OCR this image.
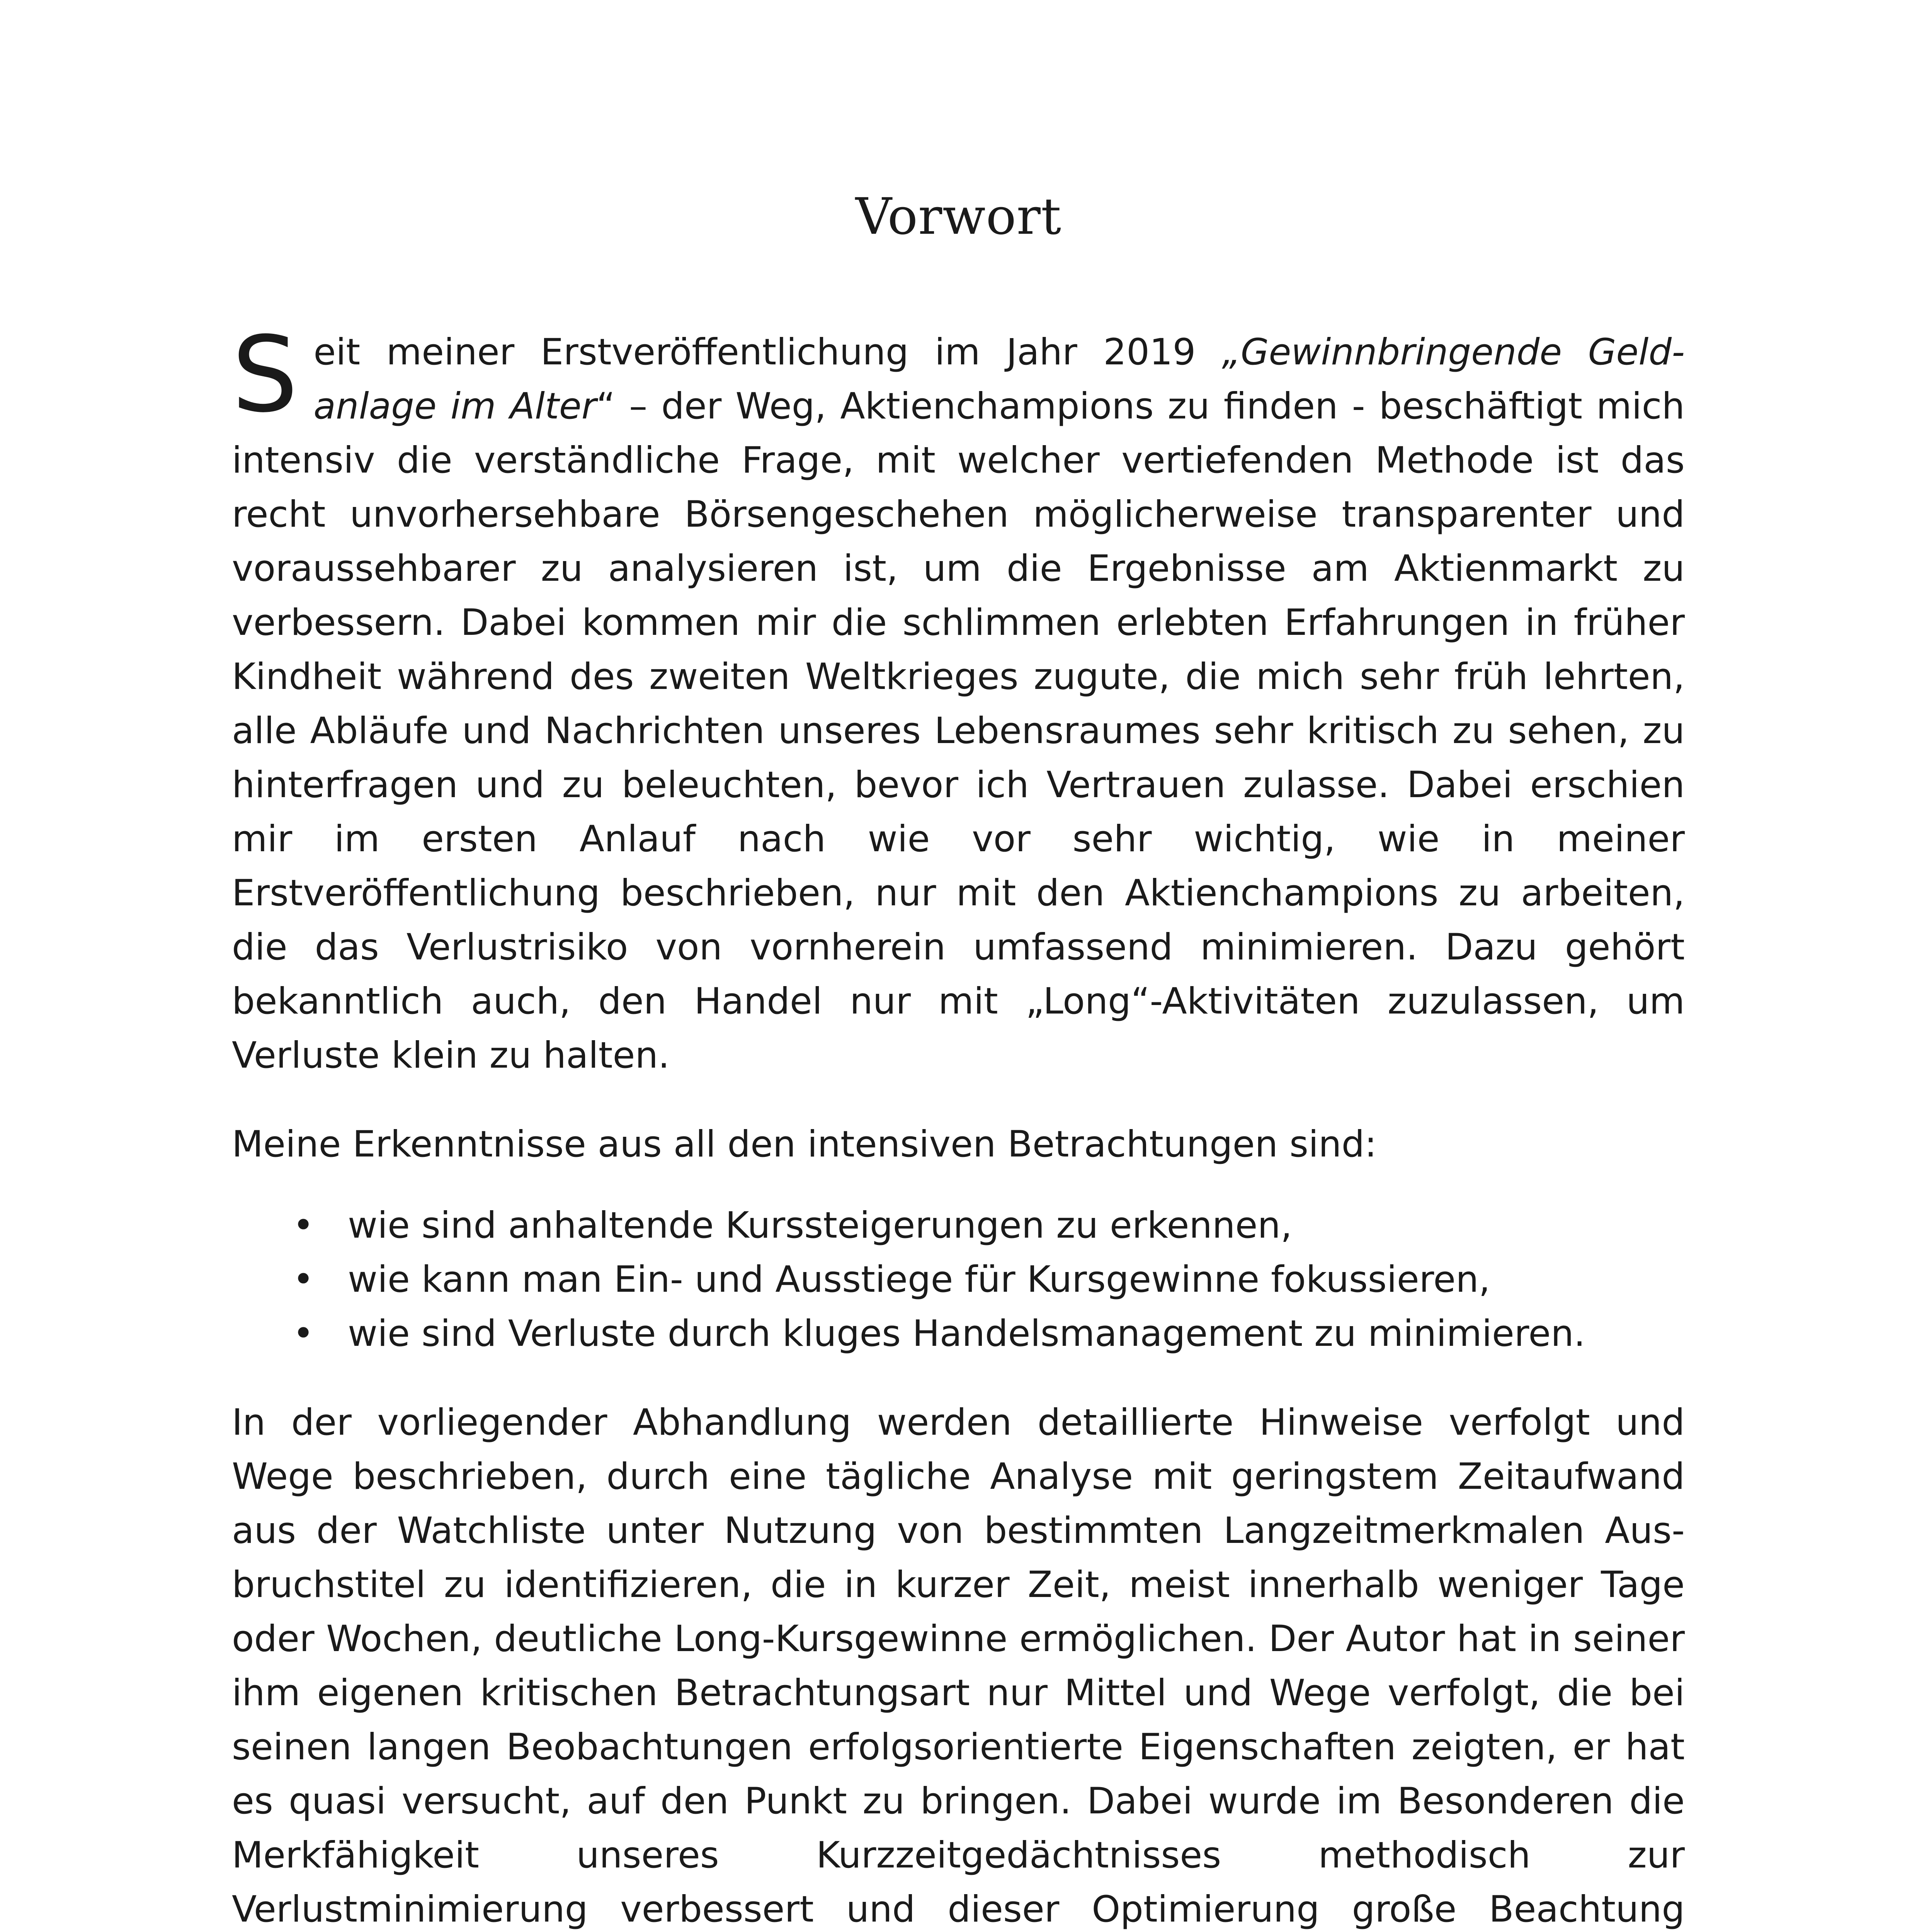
Vorwort

Seit meiner Erstveröffentlichung im Jahr 2019 „Gewinnbringende Geldanlage im Alter“ – der Weg, Aktienchampions zu finden - beschäftigt mich intensiv die verständliche Frage, mit welcher vertiefenden Methode ist das recht unvorhersehbare Börsengeschehen möglicherweise transparenter und voraussehbarer zu analysieren ist, um die Ergebnisse am Aktienmarkt zu verbessern. Dabei kommen mir die schlimmen erlebten Erfahrungen in früher Kindheit während des zweiten Weltkrieges zugute, die mich sehr früh lehrten, alle Abläufe und Nachrichten unseres Lebensraumes sehr kritisch zu sehen, zu hinterfragen und zu beleuchten, bevor ich Vertrauen zulasse. Dabei erschien mir im ersten Anlauf nach wie vor sehr wichtig, wie in meiner Erstveröffentlichung beschrieben, nur mit den Aktienchampions zu arbeiten, die das Verlustrisiko von vornherein umfassend minimieren. Dazu gehört bekanntlich auch, den Handel nur mit „Long“-Aktivitäten zuzulassen, um Verluste klein zu halten.

Meine Erkenntnisse aus all den intensiven Betrachtungen sind:

• wie sind anhaltende Kurssteigerungen zu erkennen,
• wie kann man Ein- und Ausstiege für Kursgewinne fokussieren,
• wie sind Verluste durch kluges Handelsmanagement zu minimieren.

In der vorliegender Abhandlung werden detaillierte Hinweise verfolgt und Wege beschrieben, durch eine tägliche Analyse mit geringstem Zeitaufwand aus der Watchliste unter Nutzung von bestimmten Langzeitmerkmalen Ausbruchstitel zu identifizieren, die in kurzer Zeit, meist innerhalb weniger Tage oder Wochen, deutliche Long-Kursgewinne ermöglichen. Der Autor hat in seiner ihm eigenen kritischen Betrachtungsart nur Mittel und Wege verfolgt, die bei seinen langen Beobachtungen erfolgsorientierte Eigenschaften zeigten, er hat es quasi versucht, auf den Punkt zu bringen. Dabei wurde im Besonderen die Merkfähigkeit unseres Kurzzeitgedächtnisses methodisch zur Verlustminimierung verbessert und dieser Optimierung große Beachtung
